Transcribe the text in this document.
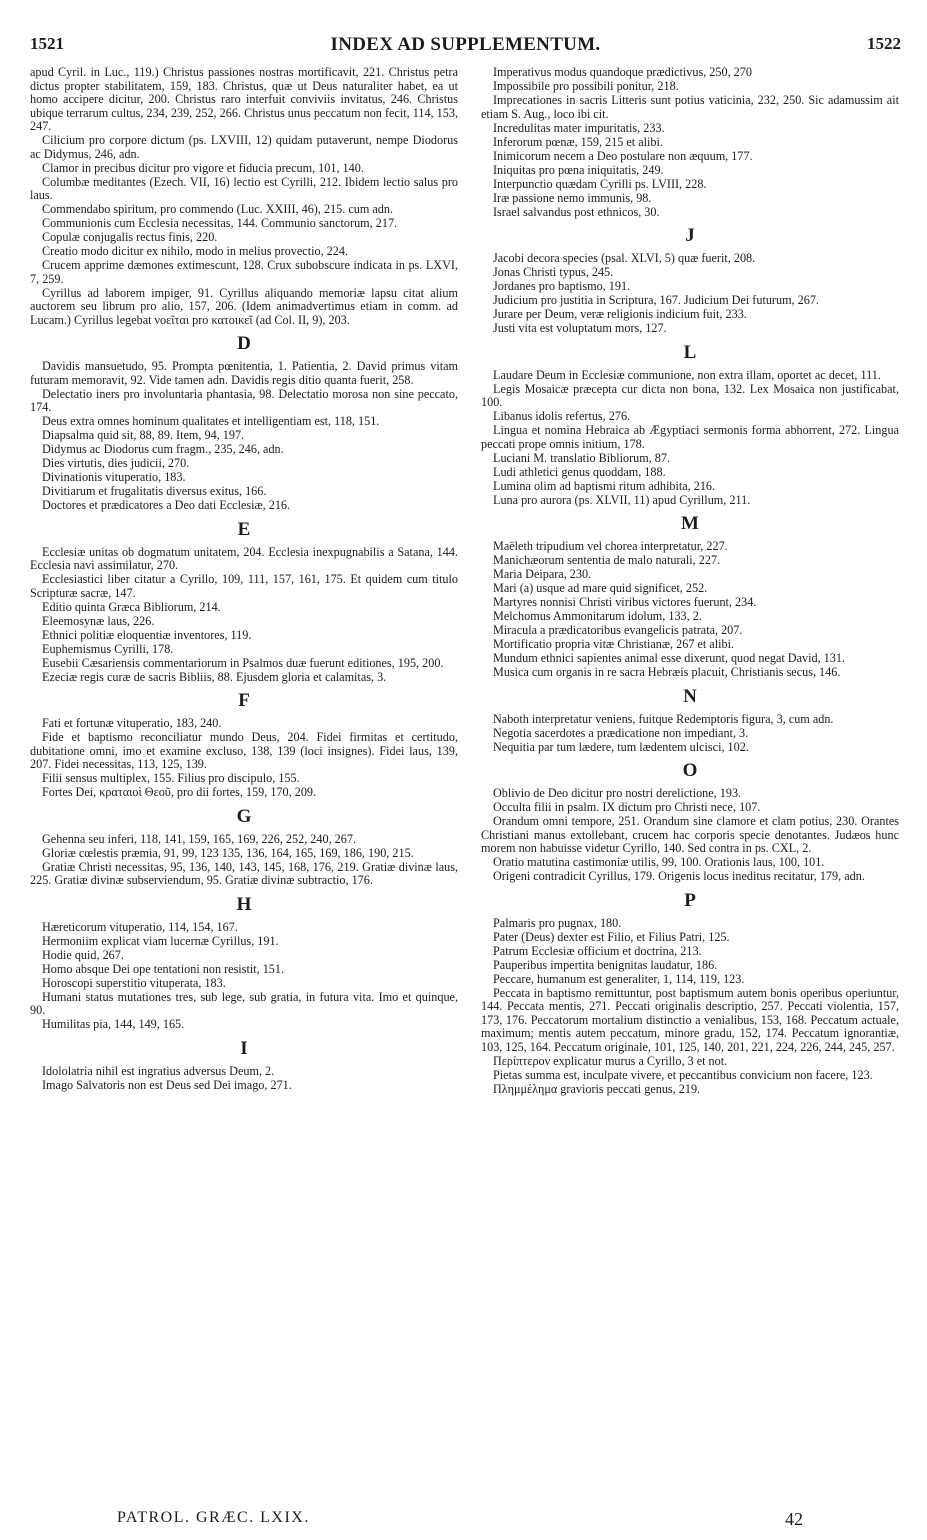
1521	INDEX AD SUPPLEMENTUM.	1522
apud Cyril. in Luc., 119.) Christus passiones nostras mortificavit, 221. Christus petra dictus propter stabilitatem, 159, 183. Christus, quæ ut Deus naturaliter habet, ea ut homo accipere dicitur, 200. Christus raro interfuit conviviis invitatus, 246. Christus ubique terrarum cultus, 234, 239, 252, 266. Christus unus peccatum non fecit, 114, 153, 247.
Cilicium pro corpore dictum (ps. LXVIII, 12) quidam putaverunt, nempe Diodorus ac Didymus, 246, adn.
Clamor in precibus dicitur pro vigore et fiducia precum, 101, 140.
Columbæ meditantes (Ezech. VII, 16) lectio est Cyrilli, 212. Ibidem lectio salus pro laus.
Commendabo spiritum, pro commendo (Luc. XXIII, 46), 215. cum adn.
Communionis cum Ecclesia necessitas, 144. Communio sanctorum, 217.
Copulæ conjugalis rectus finis, 220.
Creatio modo dicitur ex nihilo, modo in melius provectio, 224.
Crucem apprime dæmones extimescunt, 128. Crux subobscure indicata in ps. LXVI, 7, 259.
Cyrillus ad laborem impiger, 91. Cyrillus aliquando memoriæ lapsu citat alium auctorem seu librum pro alio, 157, 206. (Idem animadvertimus etiam in comm. ad Lucam.) Cyrillus legebat νοεῖται pro κατοικεῖ (ad Col. II, 9), 203.
D
Davidis mansuetudo, 95. Prompta pœnitentia, 1. Patientia, 2. David primus vitam futuram memoravit, 92. Vide tamen adn. Davidis regis ditio quanta fuerit, 258.
Delectatio iners pro involuntaria phantasia, 98. Delectatio morosa non sine peccato, 174.
Deus extra omnes hominum qualitates et intelligentiam est, 118, 151.
Diapsalma quid sit, 88, 89. Item, 94, 197.
Didymus ac Diodorus cum fragm., 235, 246, adn.
Dies virtutis, dies judicii, 270.
Divinationis vituperatio, 183.
Divitiarum et frugalitatis diversus exitus, 166.
Doctores et prædicatores a Deo dati Ecclesiæ, 216.
E
Ecclesiæ unitas ob dogmatum unitatem, 204. Ecclesia inexpugnabilis a Satana, 144. Ecclesia navi assimilatur, 270.
Ecclesiastici liber citatur a Cyrillo, 109, 111, 157, 161, 175. Et quidem cum titulo Scripturæ sacræ, 147.
Editio quinta Græca Bibliorum, 214.
Eleemosynæ laus, 226.
Ethnici politiæ eloquentiæ inventores, 119.
Euphemismus Cyrilli, 178.
Eusebii Cæsariensis commentariorum in Psalmos duæ fuerunt editiones, 195, 200.
Ezeciæ regis curæ de sacris Bibliis, 88. Ejusdem gloria et calamitas, 3.
F
Fati et fortunæ vituperatio, 183, 240.
Fide et baptismo reconciliatur mundo Deus, 204. Fidei firmitas et certitudo, dubitatione omni, imo et examine excluso, 138, 139 (loci insignes). Fidei laus, 139, 207. Fidei necessitas, 113, 125, 139.
Filii sensus multiplex, 155. Filius pro discipulo, 155.
Fortes Dei, κραταιοὶ Θεοῦ, pro dii fortes, 159, 170, 209.
G
Gehenna seu inferi, 118, 141, 159, 165, 169, 226, 252, 240, 267.
Gloriæ cœlestis præmia, 91, 99, 123 135, 136, 164, 165, 169, 186, 190, 215.
Gratiæ Christi necessitas, 95, 136, 140, 143, 145, 168, 176, 219. Gratiæ divinæ laus, 225. Gratiæ divinæ subserviendum, 95. Gratiæ divinæ subtractio, 176.
H
Hæreticorum vituperatio, 114, 154, 167.
Hermoniim explicat viam lucernæ Cyrillus, 191.
Hodie quid, 267.
Homo absque Dei ope tentationi non resistit, 151.
Horoscopi superstitio vituperata, 183.
Humani status mutationes tres, sub lege, sub gratia, in futura vita. Imo et quinque, 90.
Humilitas pia, 144, 149, 165.
I
Idololatria nihil est ingratius adversus Deum, 2.
Imago Salvatoris non est Deus sed Dei imago, 271.
Imperativus modus quandoque prædictivus, 250, 270
Impossibile pro possibili ponitur, 218.
Imprecationes in sacris Litteris sunt potius vaticinia, 232, 250. Sic adamussim ait etiam S. Aug., loco ibi cit.
Incredulitas mater impuritatis, 233.
Inferorum pœnæ, 159, 215 et alibi.
Inimicorum necem a Deo postulare non æquum, 177.
Iniquitas pro pœna iniquitatis, 249.
Interpunctio quædam Cyrilli ps. LVIII, 228.
Iræ passione nemo immunis, 98.
Israel salvandus post ethnicos, 30.
J
Jacobi decora species (psal. XLVI, 5) quæ fuerit, 208.
Jonas Christi typus, 245.
Jordanes pro baptismo, 191.
Judicium pro justitia in Scriptura, 167. Judicium Dei futurum, 267.
Jurare per Deum, veræ religionis indicium fuit, 233.
Justi vita est voluptatum mors, 127.
L
Laudare Deum in Ecclesiæ communione, non extra illam, oportet ac decet, 111.
Legis Mosaicæ præcepta cur dicta non bona, 132. Lex Mosaica non justificabat, 100.
Libanus idolis refertus, 276.
Lingua et nomina Hebraica ab Ægyptiaci sermonis forma abhorrent, 272. Lingua peccati prope omnis initium, 178.
Luciani M. translatio Bibliorum, 87.
Ludi athletici genus quoddam, 188.
Lumina olim ad baptismi ritum adhibita, 216.
Luna pro aurora (ps. XLVII, 11) apud Cyrillum, 211.
M
Maëleth tripudium vel chorea interpretatur, 227.
Manichæorum sententia de malo naturali, 227.
Maria Deipara, 230.
Mari (a) usque ad mare quid significet, 252.
Martyres nonnisi Christi viribus victores fuerunt, 234.
Melchomus Ammonitarum idolum, 133, 2.
Miracula a prædicatoribus evangelicis patrata, 207.
Mortificatio propria vitæ Christianæ, 267 et alibi.
Mundum ethnici sapientes animal esse dixerunt, quod negat David, 131.
Musica cum organis in re sacra Hebræis placuit, Christianis secus, 146.
N
Naboth interpretatur veniens, fuitque Redemptoris figura, 3, cum adn.
Negotia sacerdotes a prædicatione non impediant, 3.
Nequitia par tum lædere, tum lædentem ulcisci, 102.
O
Oblivio de Deo dicitur pro nostri derelictione, 193.
Occulta filii in psalm. IX dictum pro Christi nece, 107.
Orandum omni tempore, 251. Orandum sine clamore et clam potius, 230. Orantes Christiani manus extollebant, crucem hac corporis specie denotantes. Judæos hunc morem non habuisse videtur Cyrillo, 140. Sed contra in ps. CXL, 2.
Oratio matutina castimoniæ utilis, 99, 100. Orationis laus, 100, 101.
Origeni contradicit Cyrillus, 179. Origenis locus ineditus recitatur, 179, adn.
P
Palmaris pro pugnax, 180.
Pater (Deus) dexter est Filio, et Filius Patri, 125.
Patrum Ecclesiæ officium et doctrina, 213.
Pauperibus impertita benignitas laudatur, 186.
Peccare, humanum est generaliter, 1, 114, 119, 123.
Peccata in baptismo remittuntur, post baptismum autem bonis operibus operiuntur, 144. Peccata mentis, 271. Peccati originalis descriptio, 257. Peccati violentia, 157, 173, 176. Peccatorum mortalium distinctio a venialibus, 153, 168. Peccatum actuale, maximum; mentis autem peccatum, minore gradu, 152, 174. Peccatum ignorantiæ, 103, 125, 164. Peccatum originale, 101, 125, 140, 201, 221, 224, 226, 244, 245, 257.
Περίπτερον explicatur murus a Cyrillo, 3 et not.
Pietas summa est, inculpate vivere, et peccantibus convicium non facere, 123.
Πλημμέλημα gravioris peccati genus, 219.
PATROL. GRÆC. LXIX.	42
